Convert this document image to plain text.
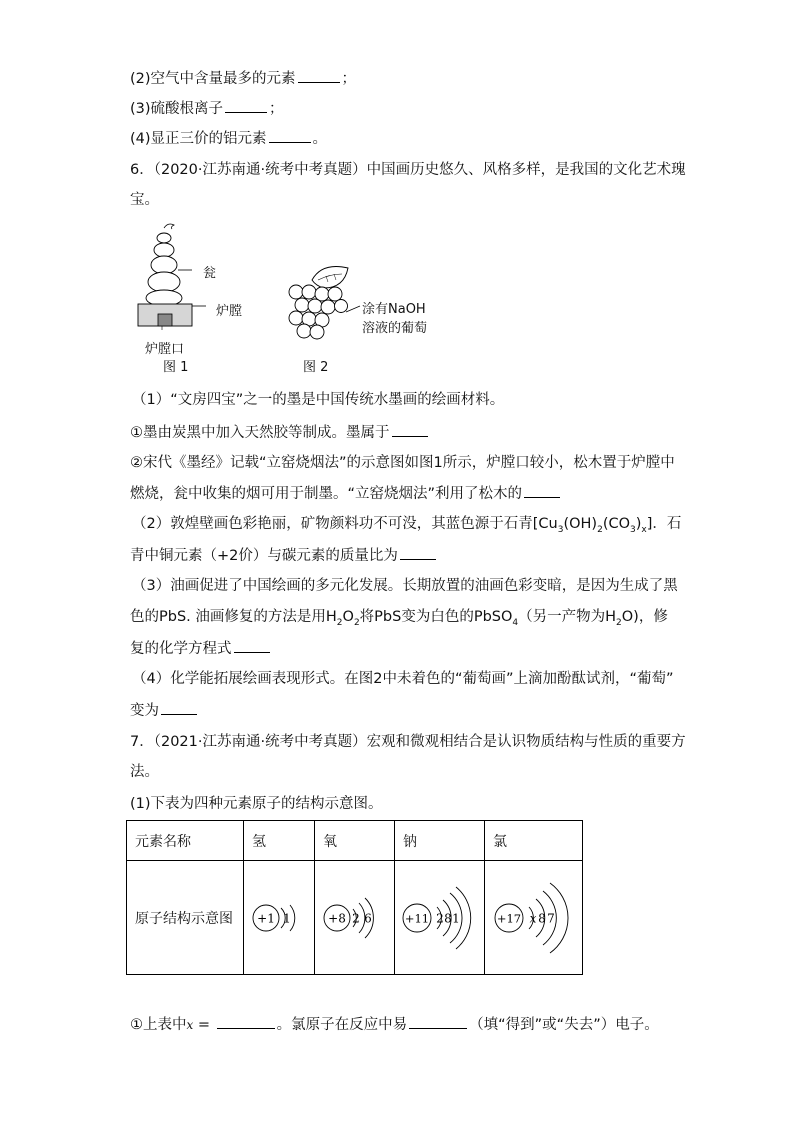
(2)空气中含量最多的元素	；
(3)硫酸根离子	；
(4)显正三价的铝元素	。
6．（2020·江苏南通·统考中考真题）中国画历史悠久、风格多样，是我国的文化艺术瑰
宝。
瓮
炉膛
炉膛口
图 1
涂有NaOH
溶液的葡萄
图 2
（1）“文房四宝”之一的墨是中国传统水墨画的绘画材料。
①墨由炭黑中加入天然胶等制成。墨属于
②宋代《墨经》记载“立窑烧烟法”的示意图如图1所示，炉膛口较小，松木置于炉膛中
燃烧，瓮中收集的烟可用于制墨。“立窑烧烟法”利用了松木的
（2）敦煌壁画色彩艳丽，矿物颜料功不可没，其蓝色源于石青$[Cu_3(OH)_2(CO_3)_x]$．石
青中铜元素（+2价）与碳元素的质量比为
（3）油画促进了中国绘画的多元化发展。长期放置的油画色彩变暗，是因为生成了黑
色的PbS. 油画修复的方法是用$H_2O_2$将PbS变为白色的PbSO$_4$（另一产物为$H_2O$)，修
复的化学方程式
（4）化学能拓展绘画表现形式。在图2中未着色的“葡萄画”上滴加酚酞试剂，“葡萄”
变为
7．（2021·江苏南通·统考中考真题）宏观和微观相结合是认识物质结构与性质的重要方
法。
(1)下表为四种元素原子的结构示意图。
元素名称	氢	氧	钠	氯
原子结构示意图	+1 1	+8 2 6	+11 2 8 1	+17 x 8 7
①上表中x =	。氯原子在反应中易	（填“得到”或“失去”）电子。
